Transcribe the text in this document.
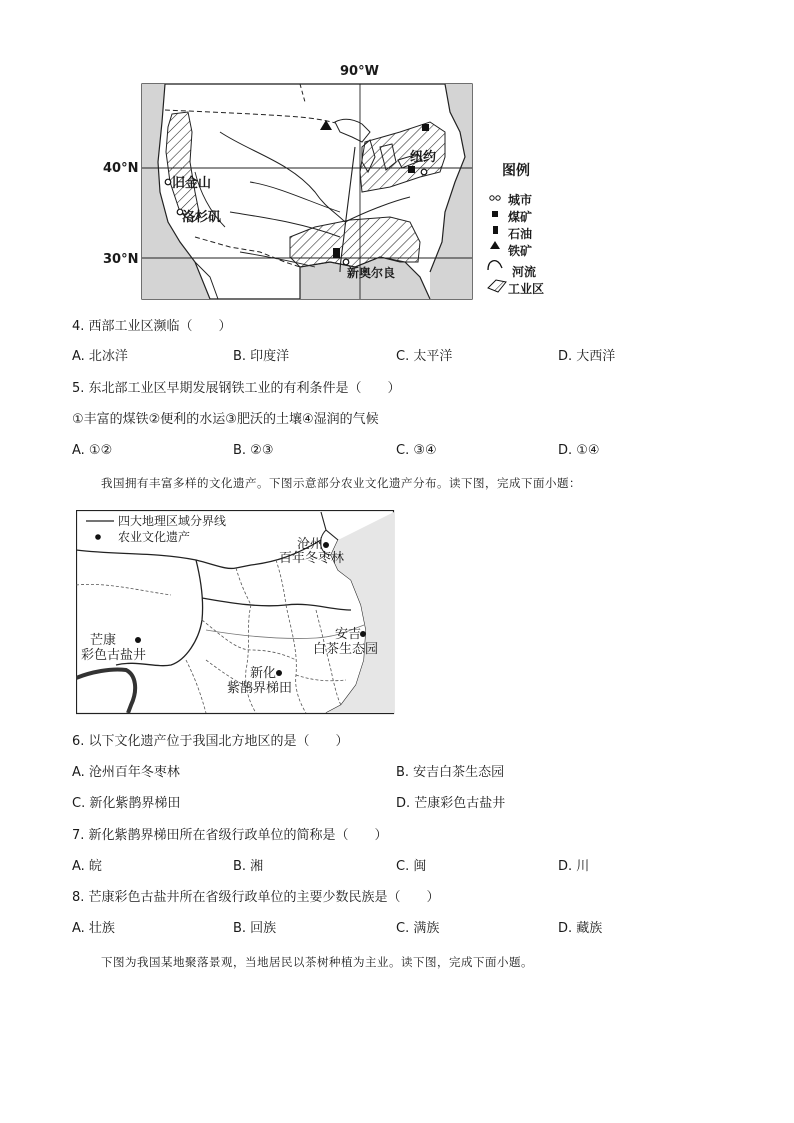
90°W
40°N
30°N
旧金山
洛杉矶
纽约
新奥尔良
图例
城市
煤矿
石油
铁矿
河流
工业区
4. 西部工业区濒临（　　）
A. 北冰洋	B. 印度洋	C. 太平洋	D. 大西洋
5. 东北部工业区早期发展钢铁工业的有利条件是（　　）
①丰富的煤铁②便利的水运③肥沃的土壤④湿润的气候
A. ①②	B. ②③	C. ③④	D. ①④
我国拥有丰富多样的文化遗产。下图示意部分农业文化遗产分布。读下图，完成下面小题：
四大地理区域分界线
农业文化遗产	沧州
百年冬枣林
芒康
彩色古盐井
安吉
白茶生态园
新化
紫鹊界梯田
6. 以下文化遗产位于我国北方地区的是（　　）
A. 沧州百年冬枣林	B. 安吉白茶生态园
C. 新化紫鹊界梯田	D. 芒康彩色古盐井
7. 新化紫鹊界梯田所在省级行政单位的简称是（　　）
A. 皖	B. 湘	C. 闽	D. 川
8. 芒康彩色古盐井所在省级行政单位的主要少数民族是（　　）
A. 壮族	B. 回族	C. 满族	D. 藏族
下图为我国某地聚落景观，当地居民以茶树种植为主业。读下图，完成下面小题。
